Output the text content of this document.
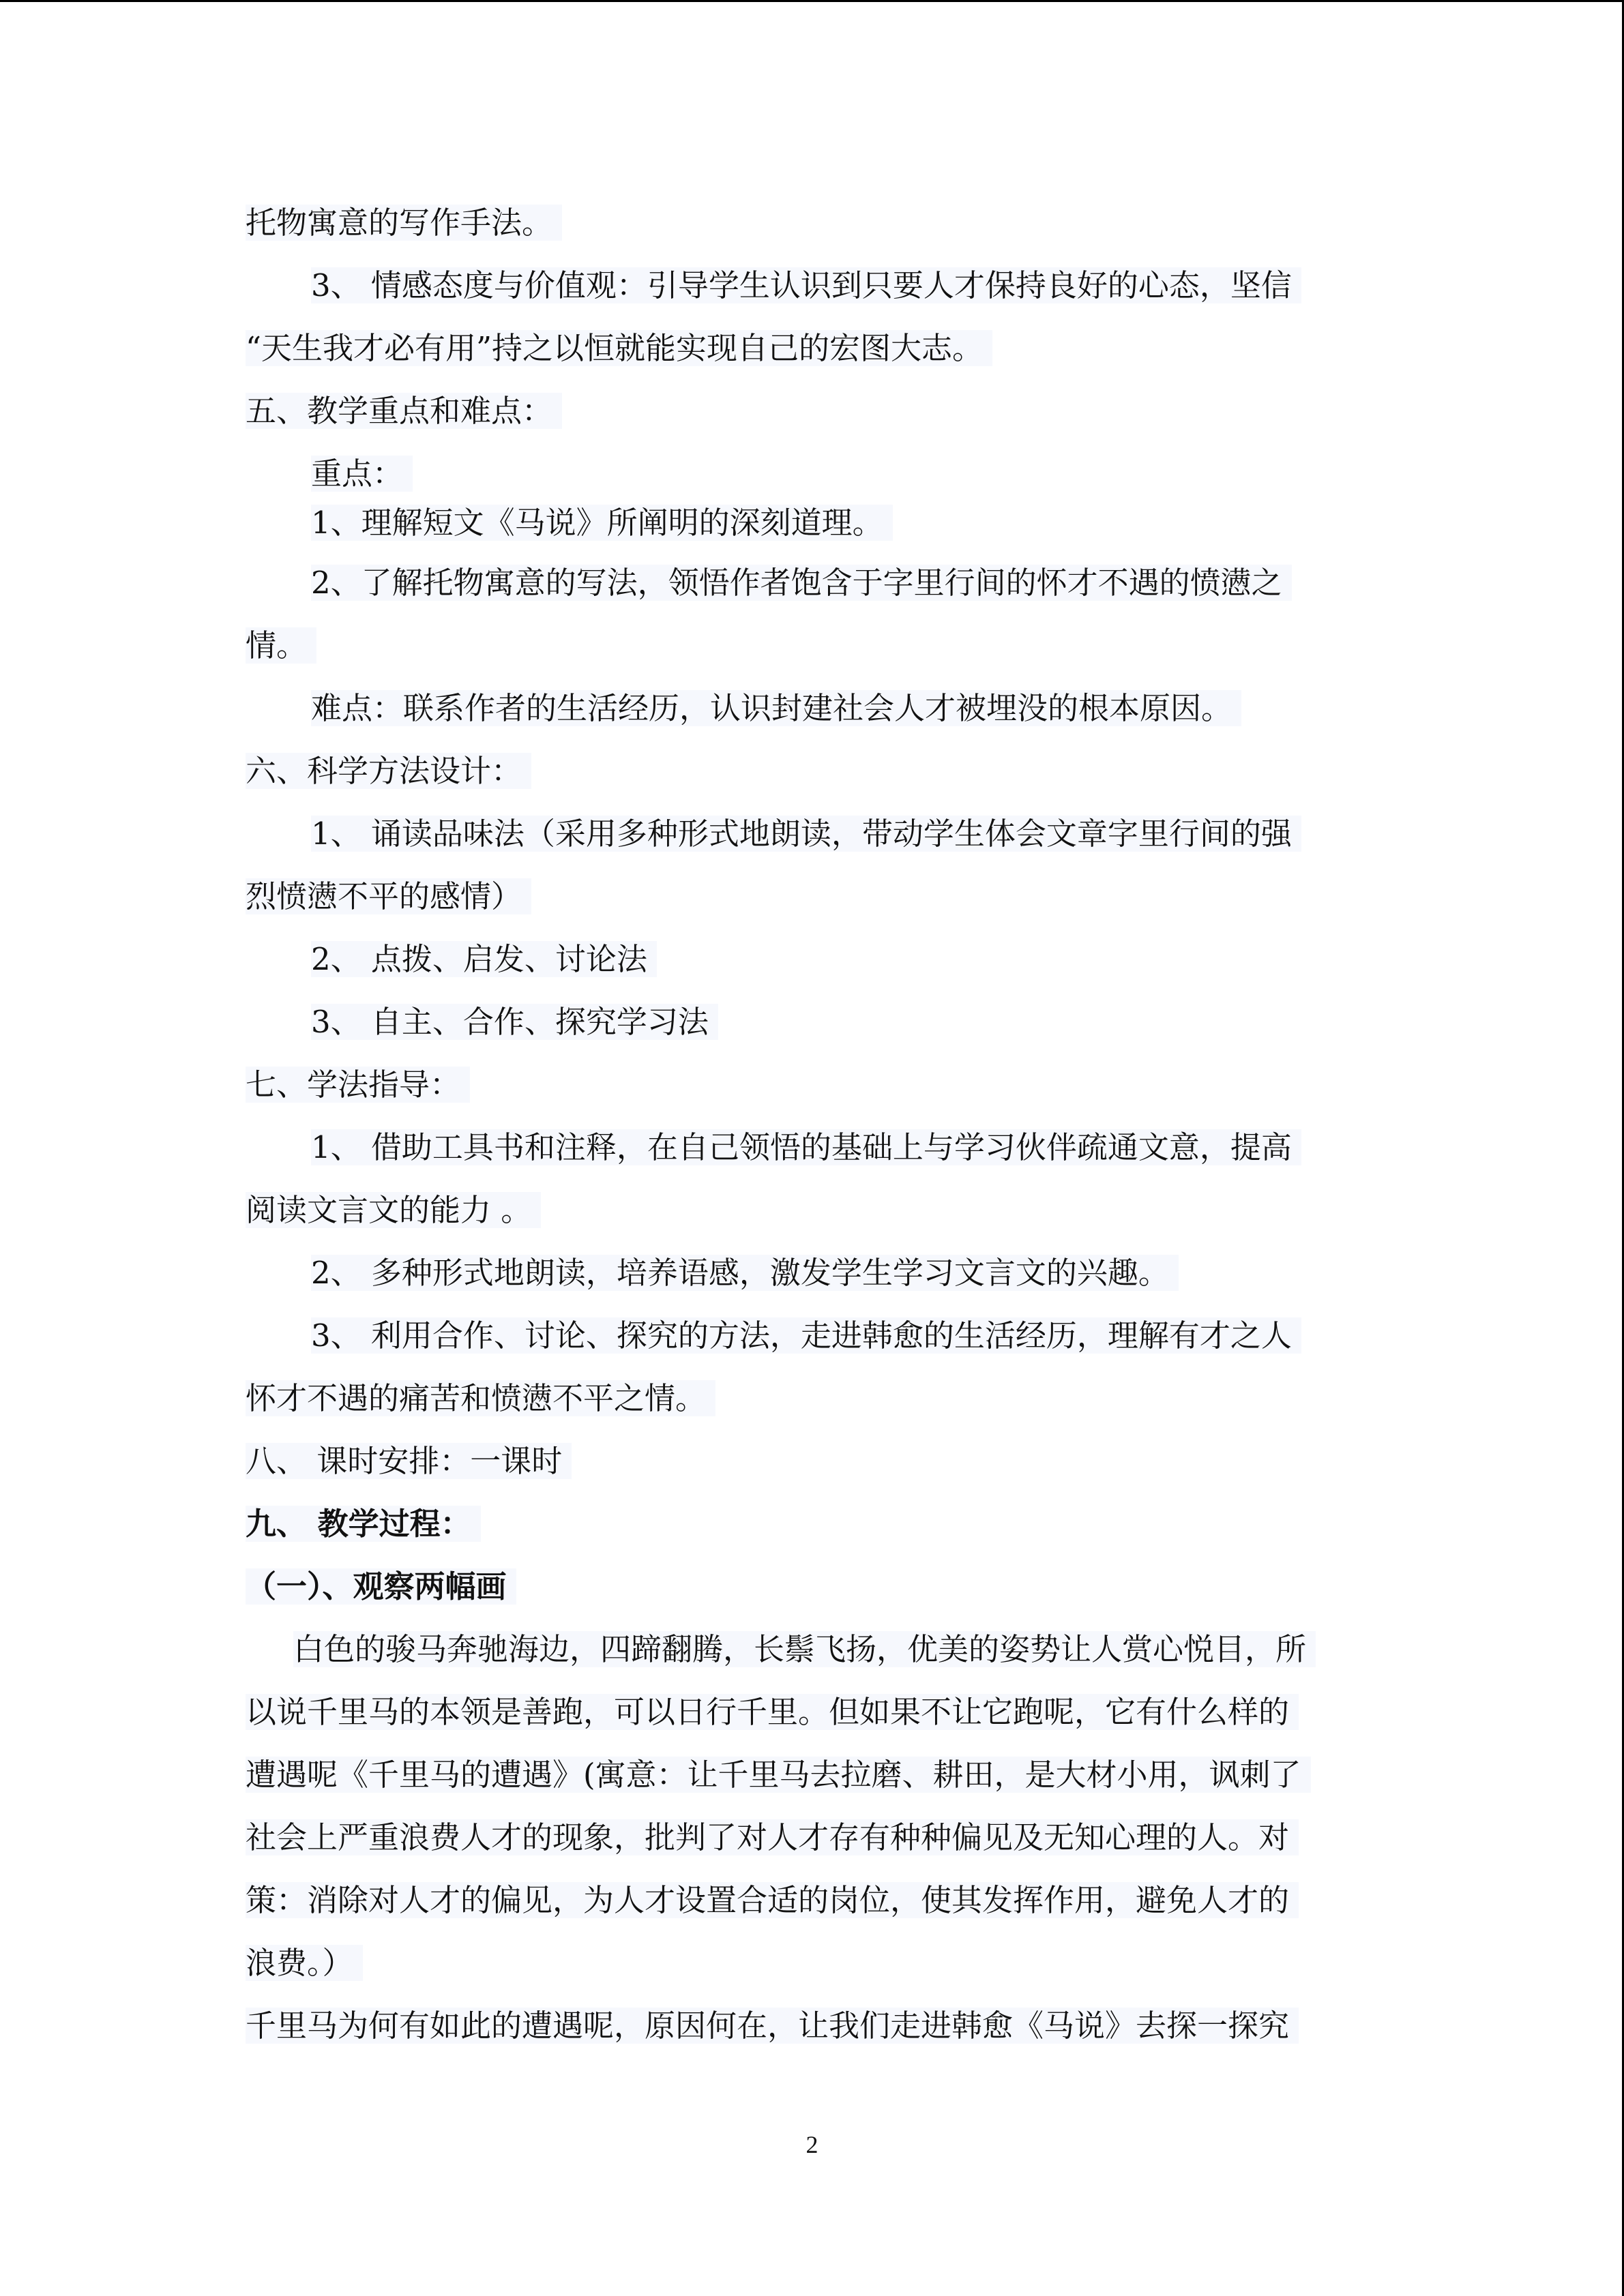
托物寓意的写作手法。
3、 情感态度与价值观：引导学生认识到只要人才保持良好的心态，坚信
“天生我才必有用”持之以恒就能实现自己的宏图大志。
五、教学重点和难点：
重点：
1、理解短文《马说》所阐明的深刻道理。
2、了解托物寓意的写法，领悟作者饱含于字里行间的怀才不遇的愤懑之
情。
难点：联系作者的生活经历，认识封建社会人才被埋没的根本原因。
六、科学方法设计：
1、 诵读品味法（采用多种形式地朗读，带动学生体会文章字里行间的强
烈愤懑不平的感情）
2、 点拨、启发、讨论法
3、 自主、合作、探究学习法
七、学法指导：
1、 借助工具书和注释，在自己领悟的基础上与学习伙伴疏通文意，提高
阅读文言文的能力 。
2、 多种形式地朗读，培养语感，激发学生学习文言文的兴趣。
3、 利用合作、讨论、探究的方法，走进韩愈的生活经历，理解有才之人
怀才不遇的痛苦和愤懑不平之情。
八、 课时安排：一课时
九、 教学过程：
（一）、观察两幅画
白色的骏马奔驰海边，四蹄翻腾，长鬃飞扬，优美的姿势让人赏心悦目，所
以说千里马的本领是善跑，可以日行千里。但如果不让它跑呢，它有什么样的
遭遇呢《千里马的遭遇》(寓意：让千里马去拉磨、耕田，是大材小用，讽刺了
社会上严重浪费人才的现象，批判了对人才存有种种偏见及无知心理的人。对
策：消除对人才的偏见，为人才设置合适的岗位，使其发挥作用，避免人才的
浪费。）
千里马为何有如此的遭遇呢，原因何在，让我们走进韩愈《马说》去探一探究
2
